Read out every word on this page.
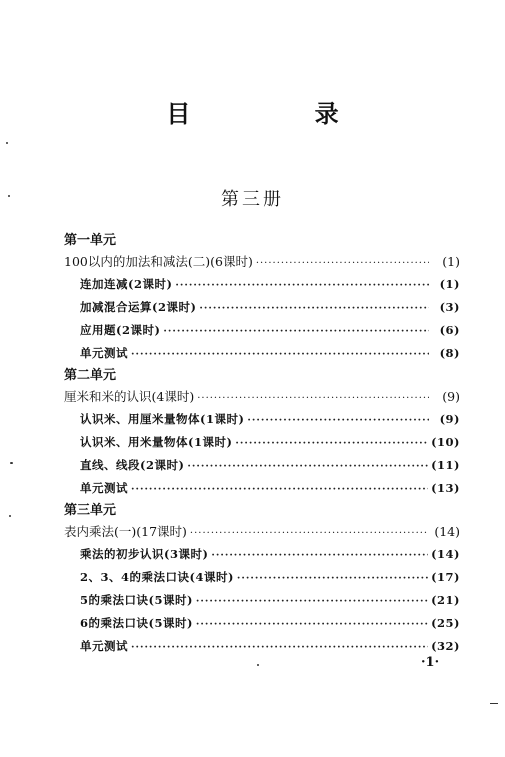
目 录
第三册
第一单元
100以内的加法和减法(二)(6课时) ·····	(1)
连加连减(2课时) ·····	(1)
加减混合运算(2课时) ·····	(3)
应用题(2课时) ·····	(6)
单元测试 ·····	(8)
第二单元
厘米和米的认识(4课时) ·····	(9)
认识米、用厘米量物体(1课时) ·····	(9)
认识米、用米量物体(1课时) ·····	(10)
直线、线段(2课时) ·····	(11)
单元测试 ·····	(13)
第三单元
表内乘法(一)(17课时) ·····	(14)
乘法的初步认识(3课时) ·····	(14)
2、3、4的乘法口诀(4课时) ·····	(17)
5的乘法口诀(5课时) ·····	(21)
6的乘法口诀(5课时) ·····	(25)
单元测试 ·····	(32)
·1·
